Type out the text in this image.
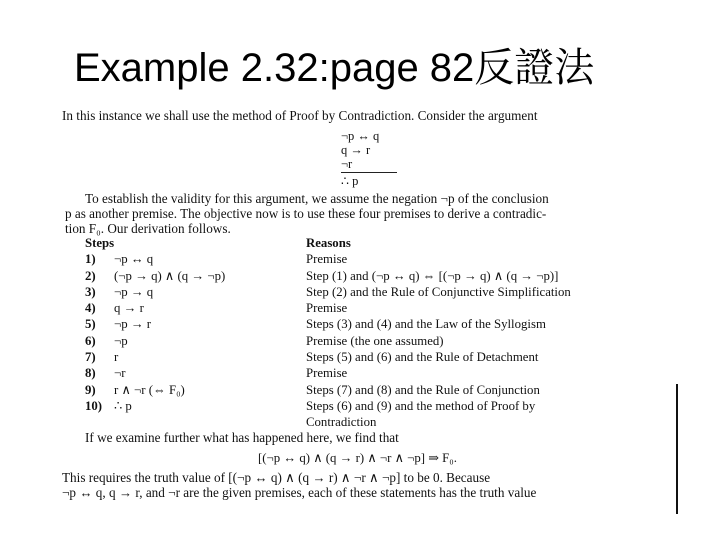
Example 2.32:page 82反證法

In this instance we shall use the method of Proof by Contradiction. Consider the argument

¬p ↔ q
q → r
¬r
∴ p

To establish the validity for this argument, we assume the negation ¬p of the conclusion
p as another premise. The objective now is to use these four premises to derive a contradic-
tion F₀. Our derivation follows.

Steps	Reasons
1)	¬p ↔ q	Premise
2)	(¬p → q) ∧ (q → ¬p)	Step (1) and (¬p ↔ q) ⇔ [(¬p → q) ∧ (q → ¬p)]
3)	¬p → q	Step (2) and the Rule of Conjunctive Simplification
4)	q → r	Premise
5)	¬p → r	Steps (3) and (4) and the Law of the Syllogism
6)	¬p	Premise (the one assumed)
7)	r	Steps (5) and (6) and the Rule of Detachment
8)	¬r	Premise
9)	r ∧ ¬r (⇔ F₀)	Steps (7) and (8) and the Rule of Conjunction
10) ∴ p	Steps (6) and (9) and the method of Proof by
Contradiction

If we examine further what has happened here, we find that

[(¬p ↔ q) ∧ (q → r) ∧ ¬r ∧ ¬p] ⇒ F₀.

This requires the truth value of [(¬p ↔ q) ∧ (q → r) ∧ ¬r ∧ ¬p] to be 0. Because
¬p ↔ q, q → r, and ¬r are the given premises, each of these statements has the truth value
